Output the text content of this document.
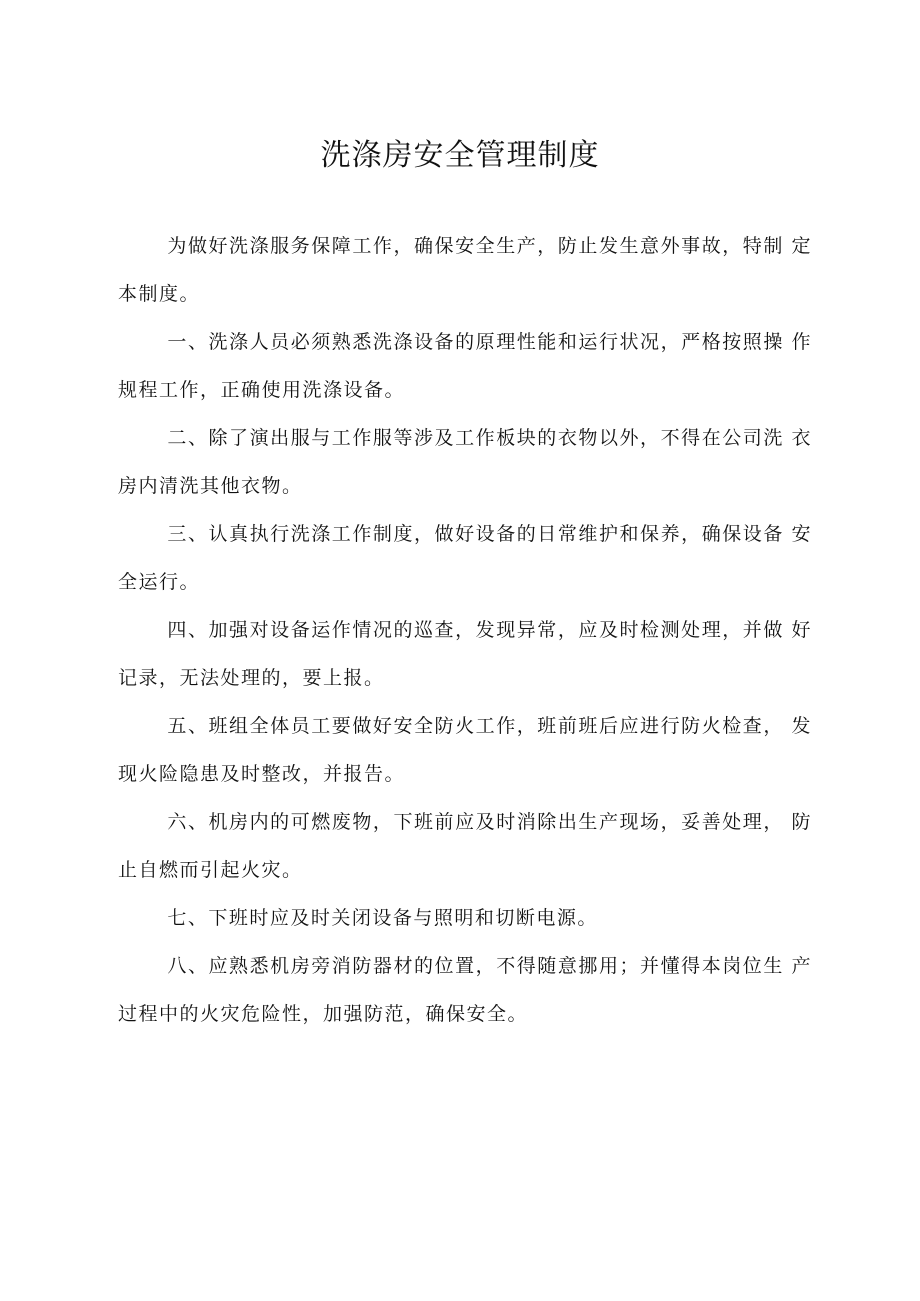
洗涤房安全管理制度

为做好洗涤服务保障工作，确保安全生产，防止发生意外事故，特制 定本制度。

一、洗涤人员必须熟悉洗涤设备的原理性能和运行状况，严格按照操 作规程工作，正确使用洗涤设备。

二、除了演出服与工作服等涉及工作板块的衣物以外，不得在公司洗 衣房内清洗其他衣物。

三、认真执行洗涤工作制度，做好设备的日常维护和保养，确保设备 安全运行。

四、加强对设备运作情况的巡查，发现异常，应及时检测处理，并做 好记录，无法处理的，要上报。

五、班组全体员工要做好安全防火工作，班前班后应进行防火检查， 发现火险隐患及时整改，并报告。

六、机房内的可燃废物，下班前应及时消除出生产现场，妥善处理， 防止自燃而引起火灾。

七、下班时应及时关闭设备与照明和切断电源。

八、应熟悉机房旁消防器材的位置，不得随意挪用；并懂得本岗位生 产过程中的火灾危险性，加强防范，确保安全。
